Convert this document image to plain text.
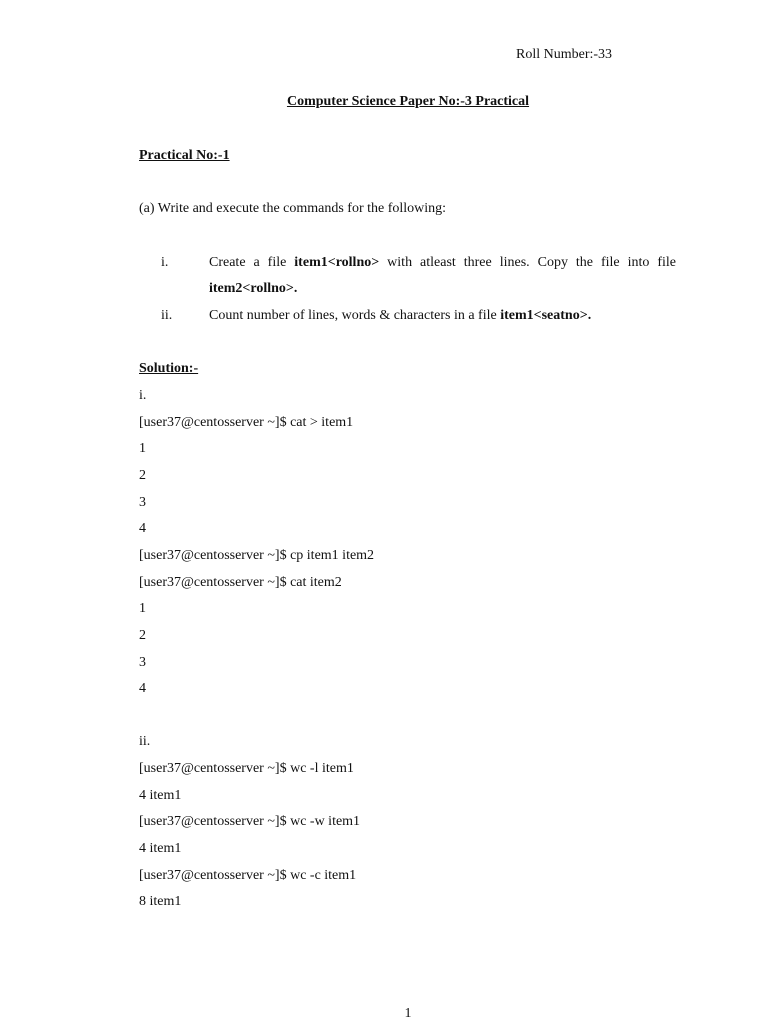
Roll Number:-33
Computer Science Paper No:-3 Practical
Practical No:-1
(a) Write and execute the commands for the following:
i.	Create a file item1<rollno> with atleast three lines. Copy the file into file item2<rollno>.
ii.	Count number of lines, words & characters in a file item1<seatno>.
Solution:-
i.
[user37@centosserver ~]$ cat > item1
1
2
3
4
[user37@centosserver ~]$ cp item1 item2
[user37@centosserver ~]$ cat item2
1
2
3
4
ii.
[user37@centosserver ~]$ wc -l item1
4 item1
[user37@centosserver ~]$ wc -w item1
4 item1
[user37@centosserver ~]$ wc -c item1
8 item1
1
